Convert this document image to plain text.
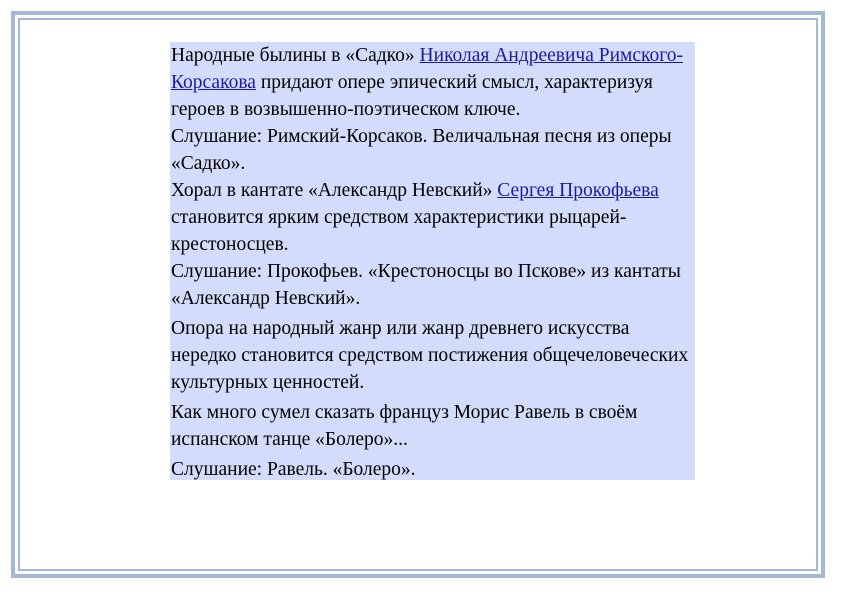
Народные былины в «Садко» Николая Андреевича Римского-Корсакова придают опере эпический смысл, характеризуя героев в возвышенно-поэтическом ключе.

Слушание: Римский-Корсаков. Величальная песня из оперы «Садко».

Хорал в кантате «Александр Невский» Сергея Прокофьева становится ярким средством характеристики рыцарей-крестоносцев.

Слушание: Прокофьев. «Крестоносцы во Пскове» из кантаты «Александр Невский».

Опора на народный жанр или жанр древнего искусства нередко становится средством постижения общечеловеческих культурных ценностей.

Как много сумел сказать француз Морис Равель в своём испанском танце «Болеро»...

Слушание: Равель. «Болеро».
